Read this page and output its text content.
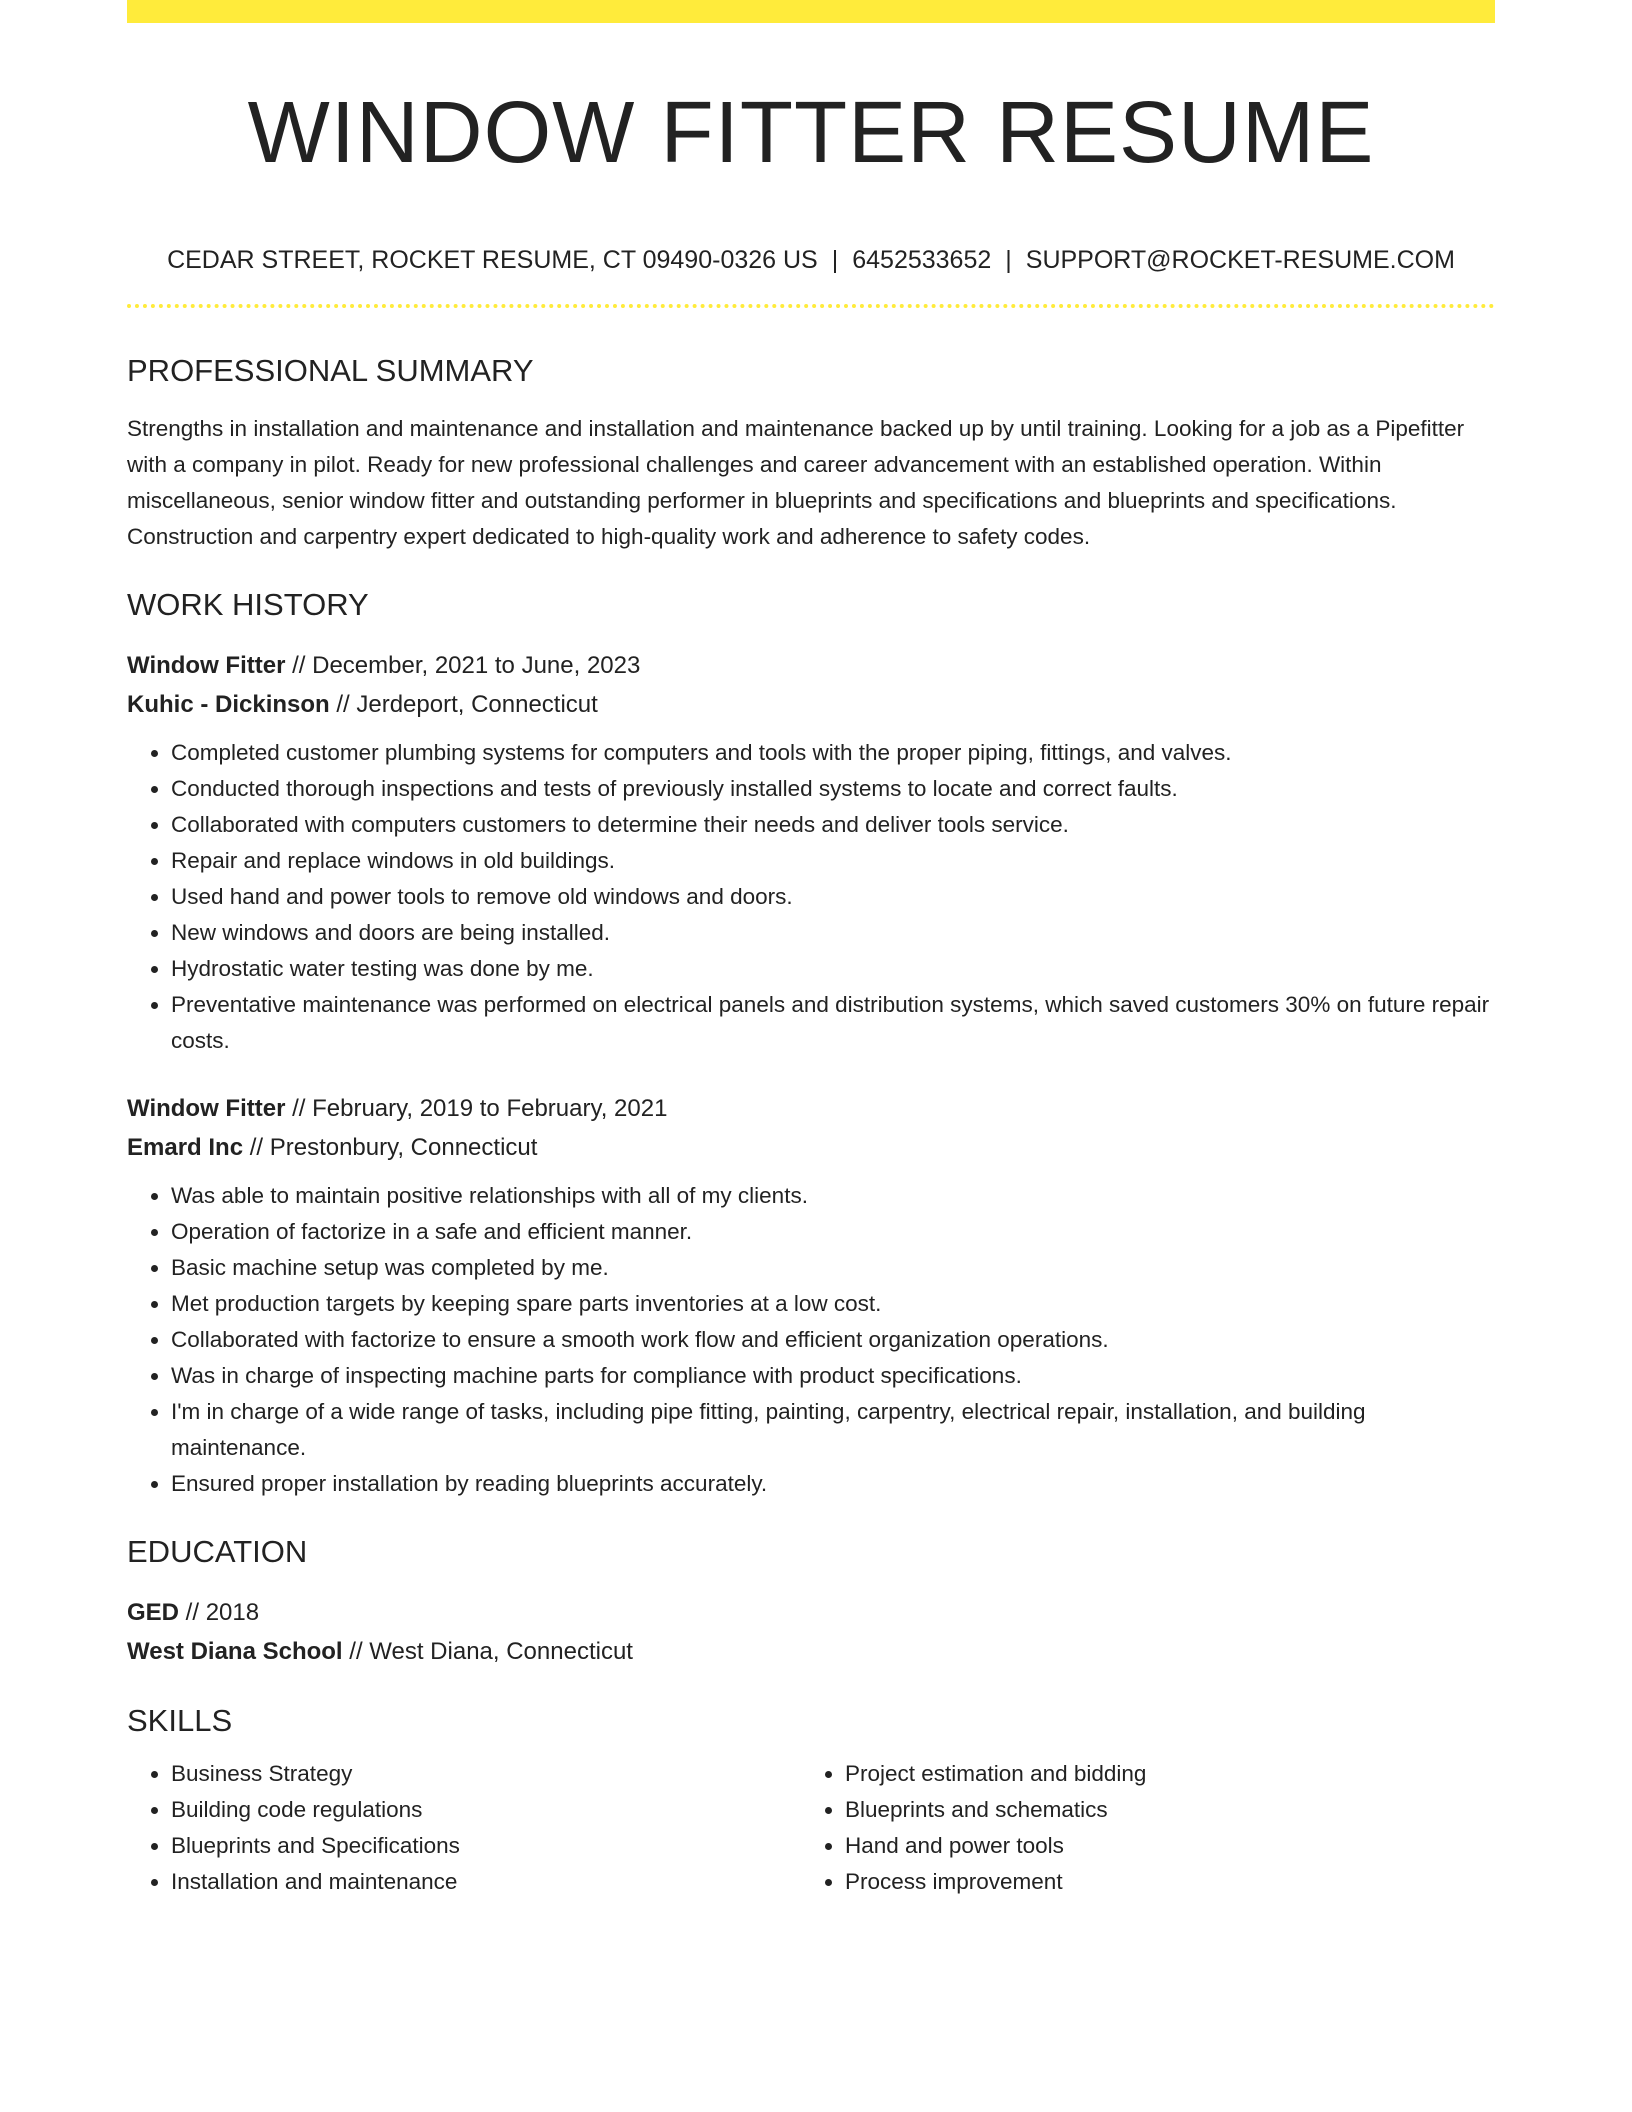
WINDOW FITTER RESUME
CEDAR STREET, ROCKET RESUME, CT 09490-0326 US | 6452533652 | SUPPORT@ROCKET-RESUME.COM
PROFESSIONAL SUMMARY

Strengths in installation and maintenance and installation and maintenance backed up by until training. Looking for a job as a Pipefitter with a company in pilot. Ready for new professional challenges and career advancement with an established operation. Within miscellaneous, senior window fitter and outstanding performer in blueprints and specifications and blueprints and specifications. Construction and carpentry expert dedicated to high-quality work and adherence to safety codes.

WORK HISTORY
Window Fitter // December, 2021 to June, 2023
Kuhic - Dickinson // Jerdeport, Connecticut
• Completed customer plumbing systems for computers and tools with the proper piping, fittings, and valves.
• Conducted thorough inspections and tests of previously installed systems to locate and correct faults.
• Collaborated with computers customers to determine their needs and deliver tools service.
• Repair and replace windows in old buildings.
• Used hand and power tools to remove old windows and doors.
• New windows and doors are being installed.
• Hydrostatic water testing was done by me.
• Preventative maintenance was performed on electrical panels and distribution systems, which saved customers 30% on future repair costs.
Window Fitter // February, 2019 to February, 2021
Emard Inc // Prestonbury, Connecticut
• Was able to maintain positive relationships with all of my clients.
• Operation of factorize in a safe and efficient manner.
• Basic machine setup was completed by me.
• Met production targets by keeping spare parts inventories at a low cost.
• Collaborated with factorize to ensure a smooth work flow and efficient organization operations.
• Was in charge of inspecting machine parts for compliance with product specifications.
• I'm in charge of a wide range of tasks, including pipe fitting, painting, carpentry, electrical repair, installation, and building maintenance.
• Ensured proper installation by reading blueprints accurately.
EDUCATION
GED // 2018
West Diana School // West Diana, Connecticut
SKILLS
• Business Strategy
• Building code regulations
• Blueprints and Specifications
• Installation and maintenance
• Project estimation and bidding
• Blueprints and schematics
• Hand and power tools
• Process improvement
